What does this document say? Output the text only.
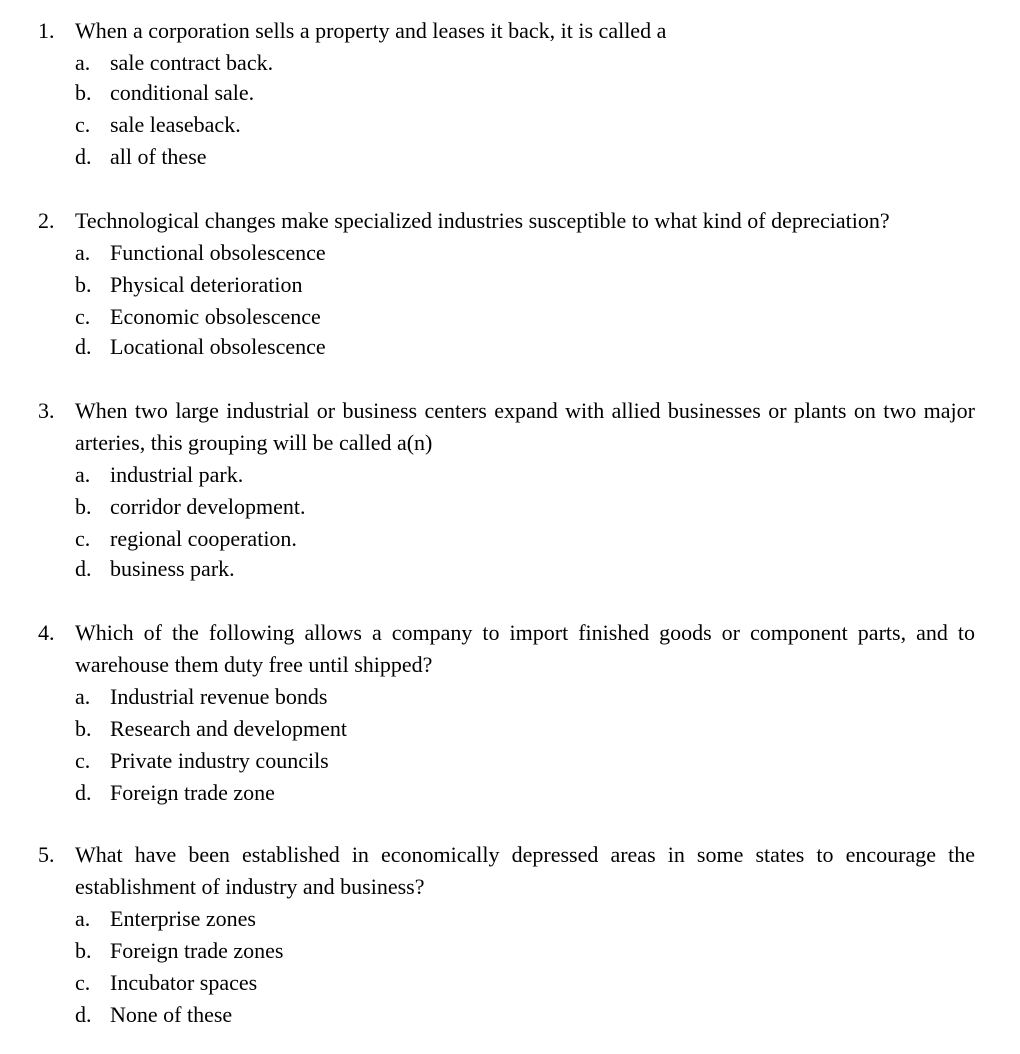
1. When a corporation sells a property and leases it back, it is called a
a. sale contract back.
b. conditional sale.
c. sale leaseback.
d. all of these
2. Technological changes make specialized industries susceptible to what kind of depreciation?
a. Functional obsolescence
b. Physical deterioration
c. Economic obsolescence
d. Locational obsolescence
3. When two large industrial or business centers expand with allied businesses or plants on two major arteries, this grouping will be called a(n)
a. industrial park.
b. corridor development.
c. regional cooperation.
d. business park.
4. Which of the following allows a company to import finished goods or component parts, and to warehouse them duty free until shipped?
a. Industrial revenue bonds
b. Research and development
c. Private industry councils
d. Foreign trade zone
5. What have been established in economically depressed areas in some states to encourage the establishment of industry and business?
a. Enterprise zones
b. Foreign trade zones
c. Incubator spaces
d. None of these
